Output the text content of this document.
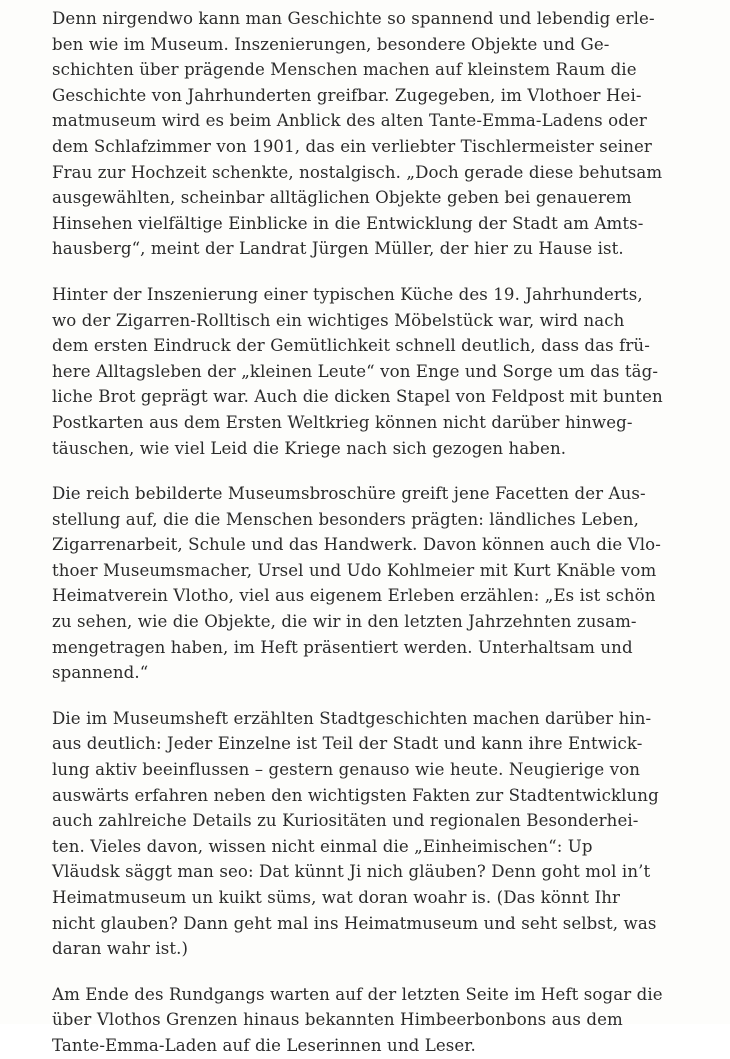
Denn nirgendwo kann man Geschichte so spannend und lebendig erle-
ben wie im Museum. Inszenierungen, besondere Objekte und Ge-
schichten über prägende Menschen machen auf kleinstem Raum die
Geschichte von Jahrhunderten greifbar. Zugegeben, im Vlothoer Hei-
matmuseum wird es beim Anblick des alten Tante-Emma-Ladens oder
dem Schlafzimmer von 1901, das ein verliebter Tischlermeister seiner
Frau zur Hochzeit schenkte, nostalgisch. „Doch gerade diese behutsam
ausgewählten, scheinbar alltäglichen Objekte geben bei genauerem
Hinsehen vielfältige Einblicke in die Entwicklung der Stadt am Amts-
hausberg“, meint der Landrat Jürgen Müller, der hier zu Hause ist.
Hinter der Inszenierung einer typischen Küche des 19. Jahrhunderts,
wo der Zigarren-Rolltisch ein wichtiges Möbelstück war, wird nach
dem ersten Eindruck der Gemütlichkeit schnell deutlich, dass das frü-
here Alltagsleben der „kleinen Leute“ von Enge und Sorge um das täg-
liche Brot geprägt war. Auch die dicken Stapel von Feldpost mit bunten
Postkarten aus dem Ersten Weltkrieg können nicht darüber hinweg-
täuschen, wie viel Leid die Kriege nach sich gezogen haben.
Die reich bebilderte Museumsbroschüre greift jene Facetten der Aus-
stellung auf, die die Menschen besonders prägten: ländliches Leben,
Zigarrenarbeit, Schule und das Handwerk. Davon können auch die Vlo-
thoer Museumsmacher, Ursel und Udo Kohlmeier mit Kurt Knäble vom
Heimatverein Vlotho, viel aus eigenem Erleben erzählen: „Es ist schön
zu sehen, wie die Objekte, die wir in den letzten Jahrzehnten zusam-
mengetragen haben, im Heft präsentiert werden. Unterhaltsam und
spannend.“
Die im Museumsheft erzählten Stadtgeschichten machen darüber hin-
aus deutlich: Jeder Einzelne ist Teil der Stadt und kann ihre Entwick-
lung aktiv beeinflussen – gestern genauso wie heute. Neugierige von
auswärts erfahren neben den wichtigsten Fakten zur Stadtentwicklung
auch zahlreiche Details zu Kuriositäten und regionalen Besonderhei-
ten. Vieles davon, wissen nicht einmal die „Einheimischen“: Up
Vläudsk säggt man seo: Dat künnt Ji nich gläuben? Denn goht mol in’t
Heimatmuseum un kuikt süms, wat doran woahr is. (Das könnt Ihr
nicht glauben? Dann geht mal ins Heimatmuseum und seht selbst, was
daran wahr ist.)
Am Ende des Rundgangs warten auf der letzten Seite im Heft sogar die
über Vlothos Grenzen hinaus bekannten Himbeerbonbons aus dem
Tante-Emma-Laden auf die Leserinnen und Leser.
